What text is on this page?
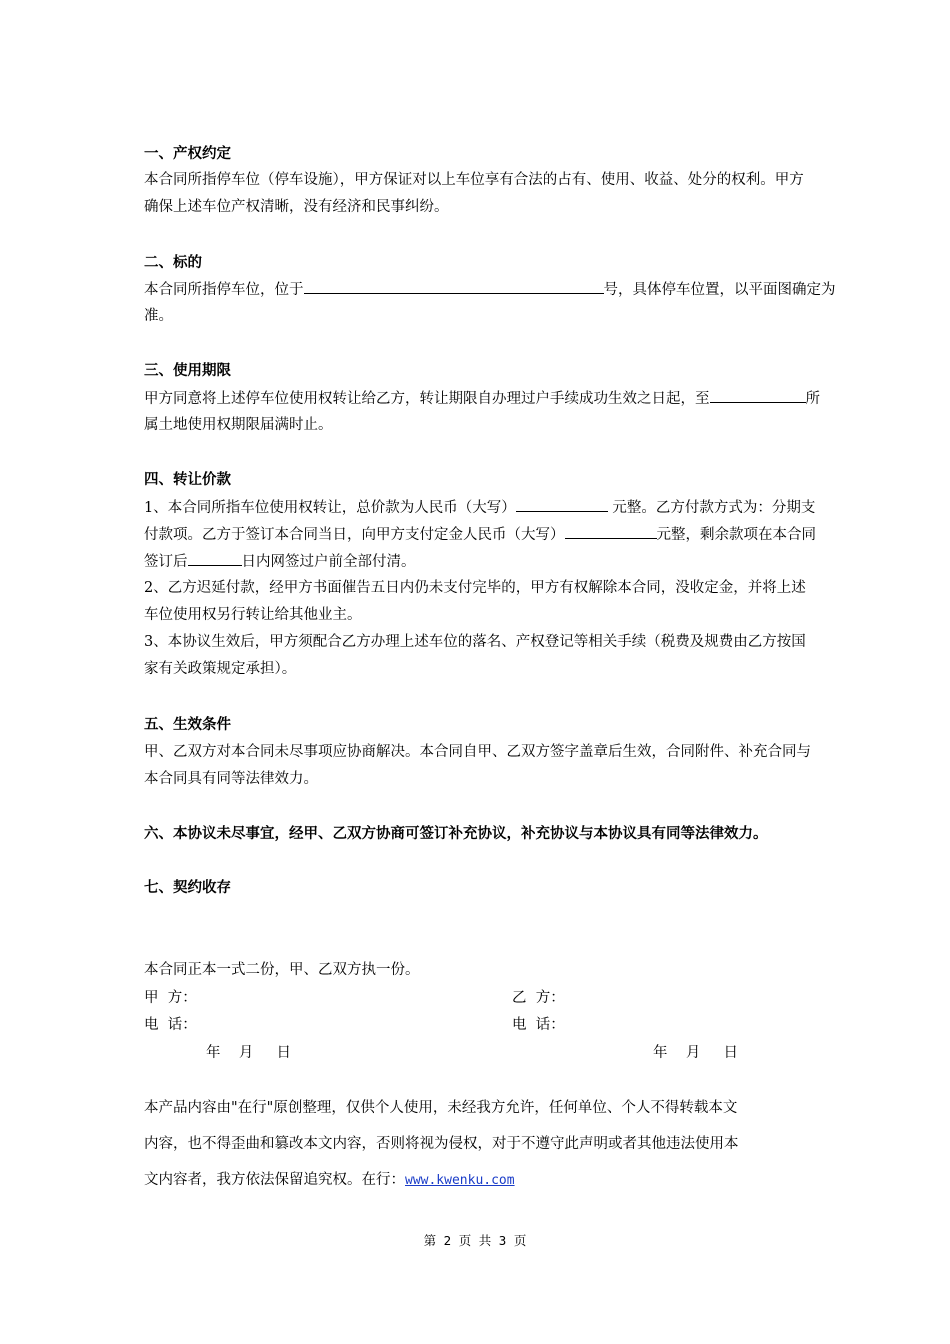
一、产权约定
本合同所指停车位（停车设施），甲方保证对以上车位享有合法的占有、使用、收益、处分的权利。甲方
确保上述车位产权清晰，没有经济和民事纠纷。
二、标的
本合同所指停车位，位于	号，具体停车位置，以平面图确定为
准。
三、使用期限
甲方同意将上述停车位使用权转让给乙方，转让期限自办理过户手续成功生效之日起，至	所
属土地使用权期限届满时止。
四、转让价款
1、本合同所指车位使用权转让，总价款为人民币（大写）	元整。乙方付款方式为：分期支
付款项。乙方于签订本合同当日，向甲方支付定金人民币（大写）	元整，剩余款项在本合同
签订后	日内网签过户前全部付清。
2、乙方迟延付款，经甲方书面催告五日内仍未支付完毕的，甲方有权解除本合同，没收定金，并将上述
车位使用权另行转让给其他业主。
3、本协议生效后，甲方须配合乙方办理上述车位的落名、产权登记等相关手续（税费及规费由乙方按国
家有关政策规定承担）。
五、生效条件
甲、乙双方对本合同未尽事项应协商解决。本合同自甲、乙双方签字盖章后生效，合同附件、补充合同与
本合同具有同等法律效力。
六、本协议未尽事宜，经甲、乙双方协商可签订补充协议，补充协议与本协议具有同等法律效力。
七、契约收存
本合同正本一式二份，甲、乙双方执一份。
甲  方：	乙  方：
电  话：	电  话：
年    月     日	年    月     日
本产品内容由"在行"原创整理，仅供个人使用，未经我方允许，任何单位、个人不得转载本文
内容，也不得歪曲和篡改本文内容，否则将视为侵权，对于不遵守此声明或者其他违法使用本
文内容者，我方依法保留追究权。在行：www.kwenku.com
第 2 页 共 3 页
